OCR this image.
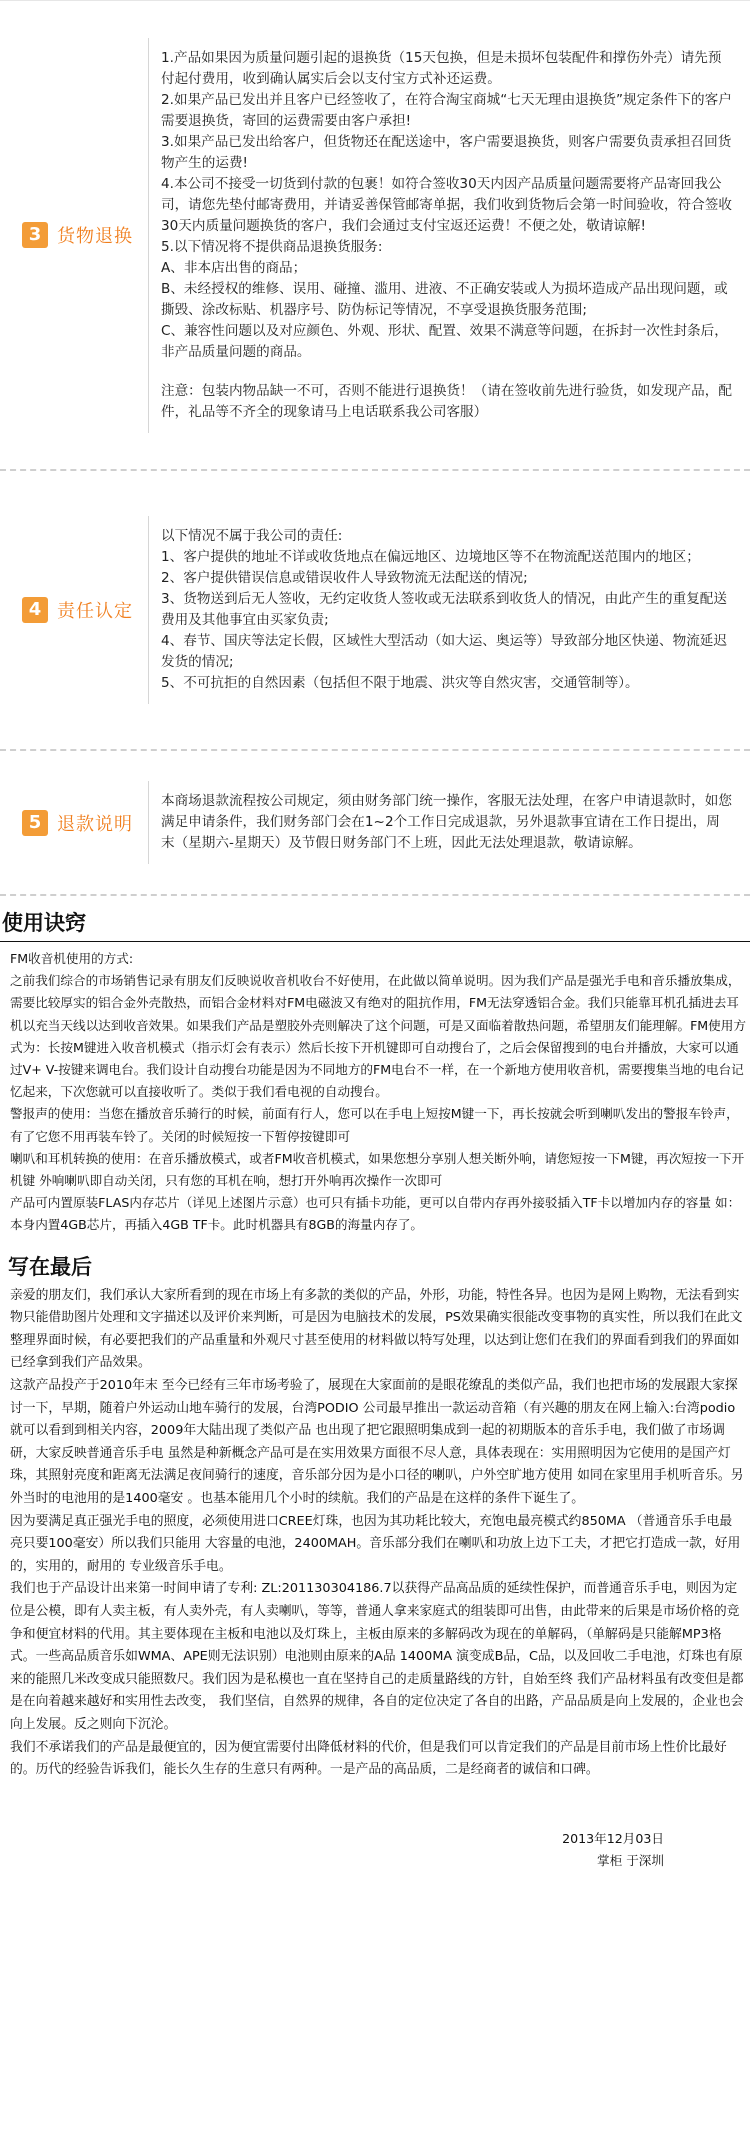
3 货物退换

1.产品如果因为质量问题引起的退换货（15天包换，但是未损坏包装配件和撑伤外壳）请先预付起付费用，收到确认属实后会以支付宝方式补还运费。

2.如果产品已发出并且客户已经签收了，在符合淘宝商城“七天无理由退换货”规定条件下的客户需要退换货，寄回的运费需要由客户承担!

3.如果产品已发出给客户，但货物还在配送途中，客户需要退换货，则客户需要负责承担召回货物产生的运费!

4.本公司不接受一切货到付款的包裹！如符合签收30天内因产品质量问题需要将产品寄回我公司，请您先垫付邮寄费用，并请妥善保管邮寄单据，我们收到货物后会第一时间验收，符合签收30天内质量问题换货的客户，我们会通过支付宝返还运费！不便之处，敬请谅解!

5.以下情况将不提供商品退换货服务:

A、非本店出售的商品；

B、未经授权的维修、误用、碰撞、滥用、进液、不正确安装或人为损坏造成产品出现问题，或撕毁、涂改标贴、机器序号、防伪标记等情况，不享受退换货服务范围;

C、兼容性问题以及对应颜色、外观、形状、配置、效果不满意等问题，在拆封一次性封条后，非产品质量问题的商品。

注意：包装内物品缺一不可，否则不能进行退换货！（请在签收前先进行验货，如发现产品，配件，礼品等不齐全的现象请马上电话联系我公司客服）

4 责任认定

以下情况不属于我公司的责任:

1、客户提供的地址不详或收货地点在偏远地区、边境地区等不在物流配送范围内的地区；

2、客户提供错误信息或错误收件人导致物流无法配送的情况;

3、货物送到后无人签收，无约定收货人签收或无法联系到收货人的情况，由此产生的重复配送费用及其他事宜由买家负责;

4、春节、国庆等法定长假，区域性大型活动（如大运、奥运等）导致部分地区快递、物流延迟发货的情况;

5、不可抗拒的自然因素（包括但不限于地震、洪灾等自然灾害，交通管制等）。

5 退款说明

本商场退款流程按公司规定，须由财务部门统一操作，客服无法处理，在客户申请退款时，如您满足申请条件，我们财务部门会在1~2个工作日完成退款，另外退款事宜请在工作日提出，周末（星期六-星期天）及节假日财务部门不上班，因此无法处理退款，敬请谅解。

使用诀窍

FM收音机使用的方式:

之前我们综合的市场销售记录有朋友们反映说收音机收台不好使用，在此做以简单说明。因为我们产品是强光手电和音乐播放集成，需要比较厚实的铝合金外壳散热，而铝合金材料对FM电磁波又有绝对的阻抗作用，FM无法穿透铝合金。我们只能靠耳机孔插进去耳机以充当天线以达到收音效果。如果我们产品是塑胶外壳则解决了这个问题，可是又面临着散热问题，希望朋友们能理解。FM使用方式为：长按M键进入收音机模式（指示灯会有表示）然后长按下开机键即可自动搜台了，之后会保留搜到的电台并播放，大家可以通过V+ V-按键来调电台。我们设计自动搜台功能是因为不同地方的FM电台不一样，在一个新地方使用收音机，需要搜集当地的电台记忆起来，下次您就可以直接收听了。类似于我们看电视的自动搜台。

警报声的使用：当您在播放音乐骑行的时候，前面有行人，您可以在手电上短按M键一下，再长按就会听到喇叭发出的警报车铃声，有了它您不用再装车铃了。关闭的时候短按一下暂停按键即可

喇叭和耳机转换的使用：在音乐播放模式，或者FM收音机模式，如果您想分享别人想关断外响，请您短按一下M键，再次短按一下开机键 外响喇叭即自动关闭，只有您的耳机在响，想打开外响再次操作一次即可

产品可内置原装FLAS内存芯片（详见上述图片示意）也可只有插卡功能，更可以自带内存再外接驳插入TF卡以增加内存的容量 如：本身内置4GB芯片，再插入4GB TF卡。此时机器具有8GB的海量内存了。

写在最后

亲爱的朋友们，我们承认大家所看到的现在市场上有多款的类似的产品，外形，功能，特性各异。也因为是网上购物，无法看到实物只能借助图片处理和文字描述以及评价来判断，可是因为电脑技术的发展，PS效果确实很能改变事物的真实性，所以我们在此文整理界面时候，有必要把我们的产品重量和外观尺寸甚至使用的材料做以特写处理，以达到让您们在我们的界面看到我们的界面如已经拿到我们产品效果。

这款产品投产于2010年末 至今已经有三年市场考验了，展现在大家面前的是眼花缭乱的类似产品，我们也把市场的发展跟大家探讨一下，早期，随着户外运动山地车骑行的发展，台湾PODIO 公司最早推出一款运动音箱（有兴趣的朋友在网上输入:台湾podio就可以看到到相关内容，2009年大陆出现了类似产品 也出现了把它跟照明集成到一起的初期版本的音乐手电，我们做了市场调研，大家反映普通音乐手电 虽然是种新概念产品可是在实用效果方面很不尽人意，具体表现在：实用照明因为它使用的是国产灯珠，其照射亮度和距离无法满足夜间骑行的速度，音乐部分因为是小口径的喇叭，户外空旷地方使用 如同在家里用手机听音乐。另外当时的电池用的是1400毫安 。也基本能用几个小时的续航。我们的产品是在这样的条件下诞生了。

因为要满足真正强光手电的照度，必须使用进口CREE灯珠，也因为其功耗比较大，充饱电最亮模式约850MA （普通音乐手电最亮只要100毫安）所以我们只能用 大容量的电池，2400MAH。音乐部分我们在喇叭和功放上边下工夫，才把它打造成一款，好用的，实用的，耐用的 专业级音乐手电。

我们也于产品设计出来第一时间申请了专利: ZL:201130304186.7以获得产品高品质的延续性保护，而普通音乐手电，则因为定位是公模，即有人卖主板，有人卖外壳，有人卖喇叭，等等，普通人拿来家庭式的组装即可出售，由此带来的后果是市场价格的竞争和便宜材料的代用。其主要体现在主板和电池以及灯珠上，主板由原来的多解码改为现在的单解码，（单解码是只能解MP3格式。一些高品质音乐如WMA、APE则无法识别）电池则由原来的A品 1400MA 演变成B品，C品，以及回收二手电池，灯珠也有原来的能照几米改变成只能照数尺。我们因为是私模也一直在坚持自己的走质量路线的方针，自始至终 我们产品材料虽有改变但是都是在向着越来越好和实用性去改变， 我们坚信，自然界的规律，各自的定位决定了各自的出路，产品品质是向上发展的，企业也会向上发展。反之则向下沉沦。

我们不承诺我们的产品是最便宜的，因为便宜需要付出降低材料的代价，但是我们可以肯定我们的产品是目前市场上性价比最好的。历代的经验告诉我们，能长久生存的生意只有两种。一是产品的高品质，二是经商者的诚信和口碑。

2013年12月03日
掌柜 于深圳
